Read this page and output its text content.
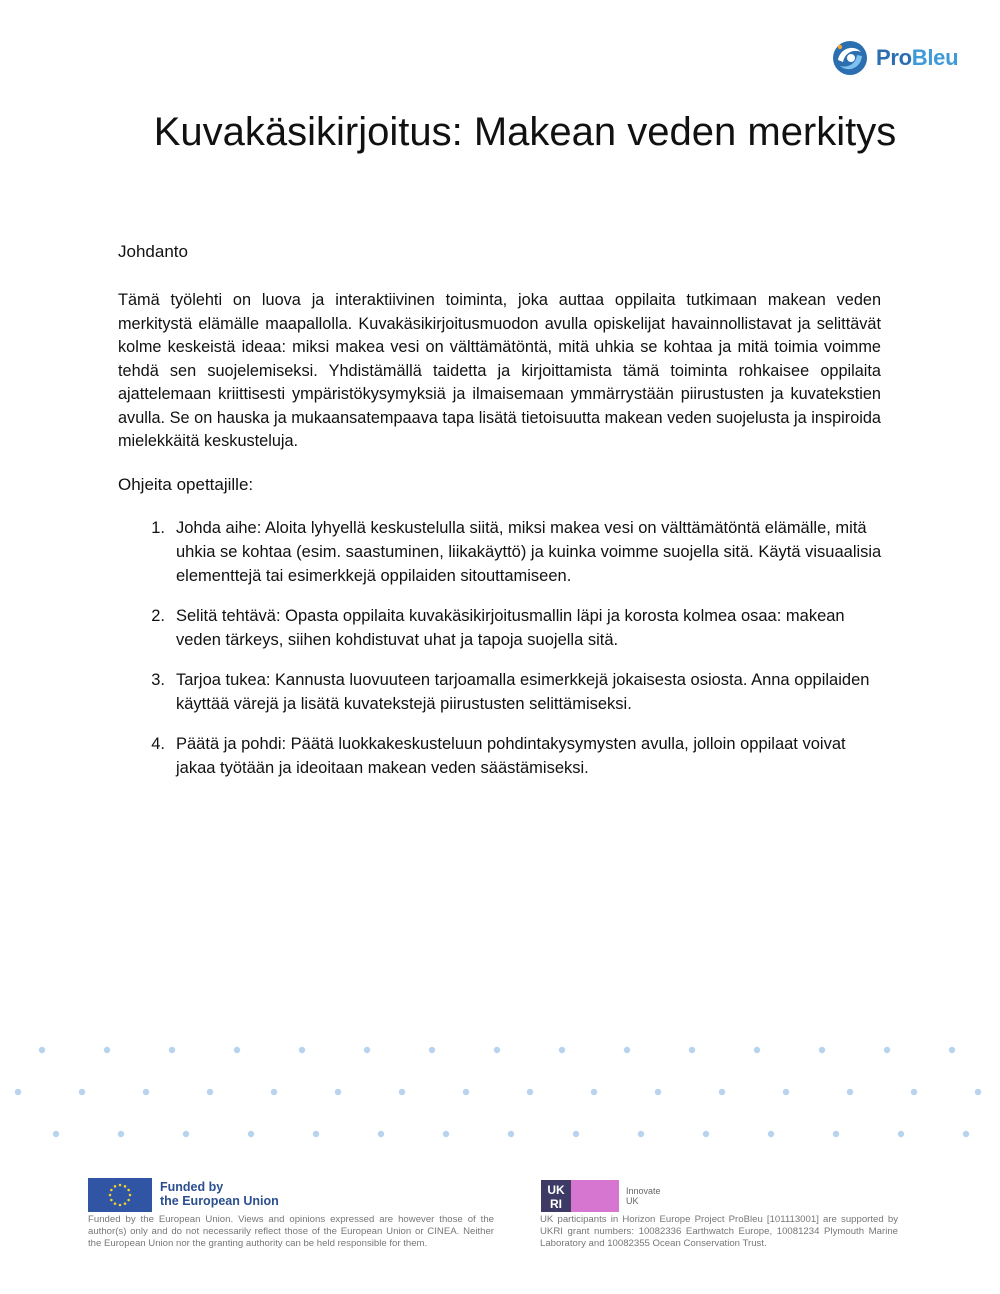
ProBleu
Kuvakäsikirjoitus: Makean veden merkitys

Johdanto

Tämä työlehti on luova ja interaktiivinen toiminta, joka auttaa oppilaita tutkimaan makean veden merkitystä elämälle maapallolla. Kuvakäsikirjoitusmuodon avulla opiskelijat havainnollistavat ja selittävät kolme keskeistä ideaa: miksi makea vesi on välttämätöntä, mitä uhkia se kohtaa ja mitä toimia voimme tehdä sen suojelemiseksi. Yhdistämällä taidetta ja kirjoittamista tämä toiminta rohkaisee oppilaita ajattelemaan kriittisesti ympäristökysymyksiä ja ilmaisemaan ymmärrystään piirustusten ja kuvatekstien avulla. Se on hauska ja mukaansatempaava tapa lisätä tietoisuutta makean veden suojelusta ja inspiroida mielekkäitä keskusteluja.

Ohjeita opettajille:

1. Johda aihe: Aloita lyhyellä keskustelulla siitä, miksi makea vesi on välttämätöntä elämälle, mitä uhkia se kohtaa (esim. saastuminen, liikakäyttö) ja kuinka voimme suojella sitä. Käytä visuaalisia elementtejä tai esimerkkejä oppilaiden sitouttamiseen.
2. Selitä tehtävä: Opasta oppilaita kuvakäsikirjoitusmallin läpi ja korosta kolmea osaa: makean veden tärkeys, siihen kohdistuvat uhat ja tapoja suojella sitä.
3. Tarjoa tukea: Kannusta luovuuteen tarjoamalla esimerkkejä jokaisesta osiosta. Anna oppilaiden käyttää värejä ja lisätä kuvatekstejä piirustusten selittämiseksi.
4. Päätä ja pohdi: Päätä luokkakeskusteluun pohdintakysymysten avulla, jolloin oppilaat voivat jakaa työtään ja ideoitaan makean veden säästämiseksi.
Funded by
the European Union

Funded by the European Union. Views and opinions expressed are however those of the author(s) only and do not necessarily reflect those of the European Union or CINEA. Neither the European Union nor the granting authority can be held responsible for them.

UK
RI
Innovate
UK

UK participants in Horizon Europe Project ProBleu [101113001] are supported by UKRI grant numbers: 10082336 Earthwatch Europe, 10081234 Plymouth Marine Laboratory and 10082355 Ocean Conservation Trust.
